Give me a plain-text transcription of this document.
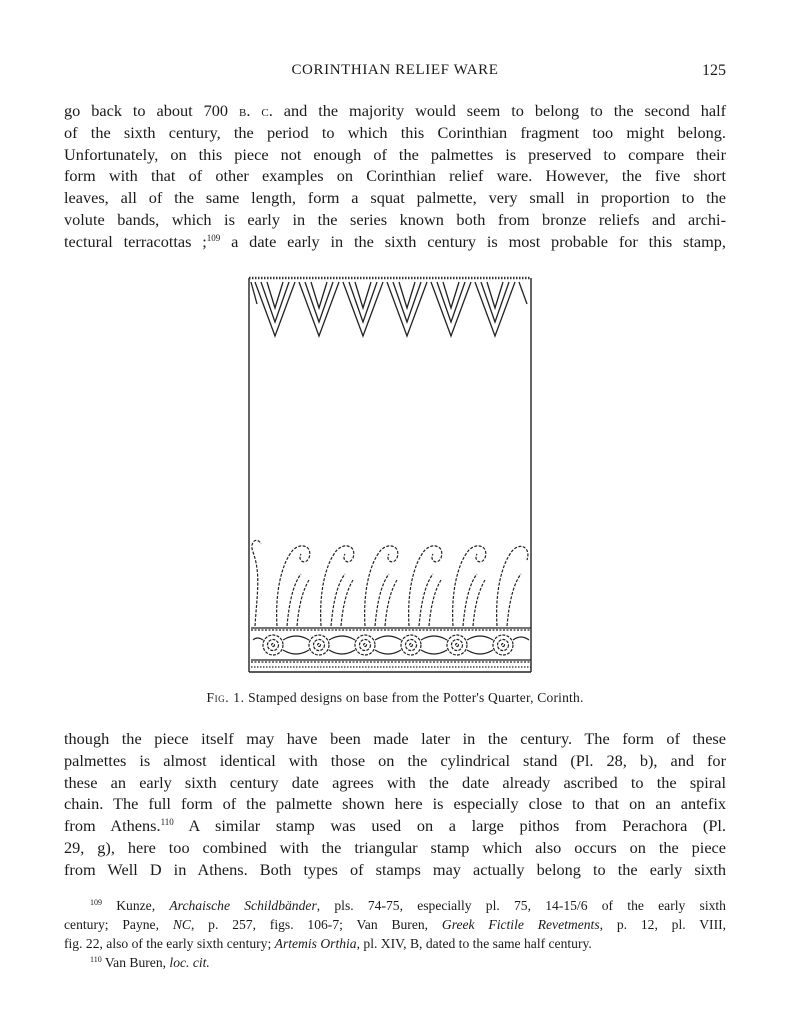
CORINTHIAN RELIEF WARE	125

go back to about 700 b. c. and the majority would seem to belong to the second half
of the sixth century, the period to which this Corinthian fragment too might belong.
Unfortunately, on this piece not enough of the palmettes is preserved to compare their
form with that of other examples on Corinthian relief ware. However, the five short
leaves, all of the same length, form a squat palmette, very small in proportion to the
volute bands, which is early in the series known both from bronze reliefs and archi-
tectural terracottas ;$^{109}$ a date early in the sixth century is most probable for this stamp,

Fig. 1. Stamped designs on base from the Potter's Quarter, Corinth.

though the piece itself may have been made later in the century. The form of these
palmettes is almost identical with those on the cylindrical stand (Pl. 28, b), and for
these an early sixth century date agrees with the date already ascribed to the spiral
chain. The full form of the palmette shown here is especially close to that on an antefix
from Athens.$^{110}$ A similar stamp was used on a large pithos from Perachora (Pl.
29, g), here too combined with the triangular stamp which also occurs on the piece
from Well D in Athens. Both types of stamps may actually belong to the early sixth

$^{109}$ Kunze, Archaische Schildbänder, pls. 74-75, especially pl. 75, 14-15/6 of the early sixth
century; Payne, NC, p. 257, figs. 106-7; Van Buren, Greek Fictile Revetments, p. 12, pl. VIII,
fig. 22, also of the early sixth century; Artemis Orthia, pl. XIV, B, dated to the same half century.
$^{110}$ Van Buren, loc. cit.
